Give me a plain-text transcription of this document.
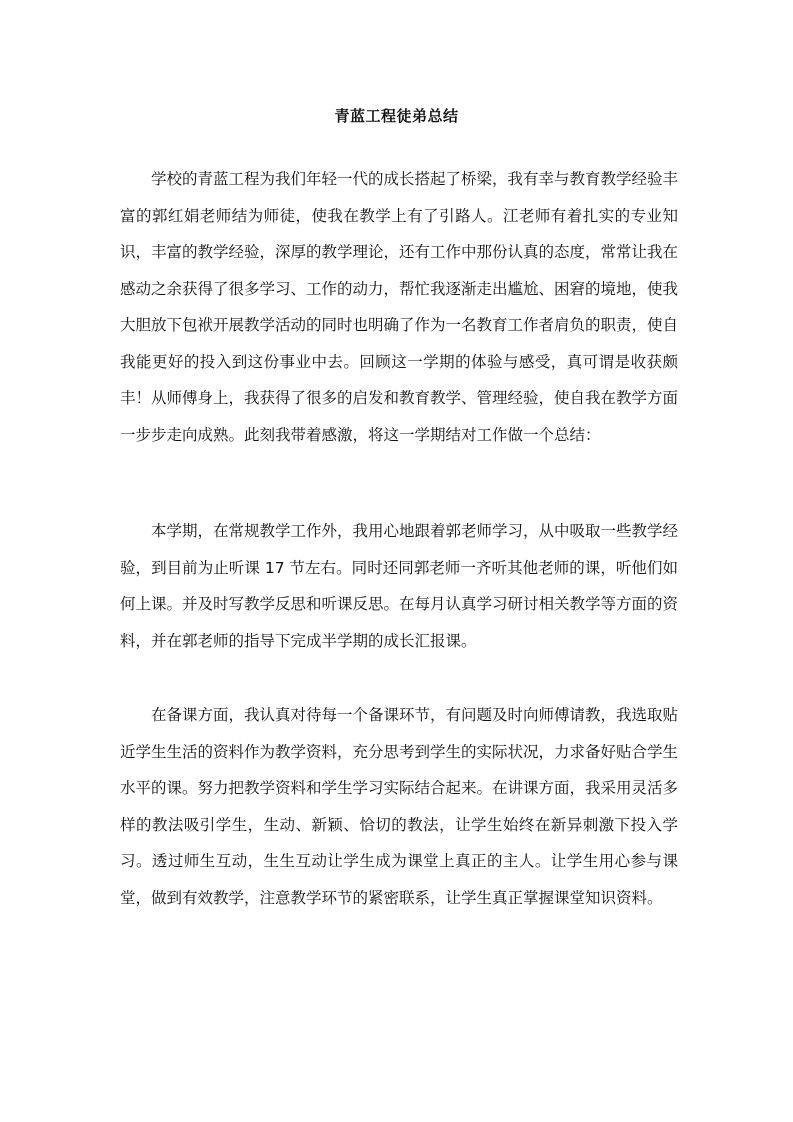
青蓝工程徒弟总结

学校的青蓝工程为我们年轻一代的成长搭起了桥梁，我有幸与教育教学经验丰富的郭红娟老师结为师徒，使我在教学上有了引路人。江老师有着扎实的专业知识，丰富的教学经验，深厚的教学理论，还有工作中那份认真的态度，常常让我在感动之余获得了很多学习、工作的动力，帮忙我逐渐走出尴尬、困窘的境地，使我大胆放下包袱开展教学活动的同时也明确了作为一名教育工作者肩负的职责，使自我能更好的投入到这份事业中去。回顾这一学期的体验与感受，真可谓是收获颇丰！从师傅身上，我获得了很多的启发和教育教学、管理经验，使自我在教学方面一步步走向成熟。此刻我带着感激，将这一学期结对工作做一个总结：

本学期，在常规教学工作外，我用心地跟着郭老师学习，从中吸取一些教学经验，到目前为止听课 17 节左右。同时还同郭老师一齐听其他老师的课，听他们如何上课。并及时写教学反思和听课反思。在每月认真学习研讨相关教学等方面的资料，并在郭老师的指导下完成半学期的成长汇报课。

在备课方面，我认真对待每一个备课环节，有问题及时向师傅请教，我选取贴近学生生活的资料作为教学资料，充分思考到学生的实际状况，力求备好贴合学生水平的课。努力把教学资料和学生学习实际结合起来。在讲课方面，我采用灵活多样的教法吸引学生，生动、新颖、恰切的教法，让学生始终在新异刺激下投入学习。透过师生互动，生生互动让学生成为课堂上真正的主人。让学生用心参与课堂，做到有效教学，注意教学环节的紧密联系，让学生真正掌握课堂知识资料。
